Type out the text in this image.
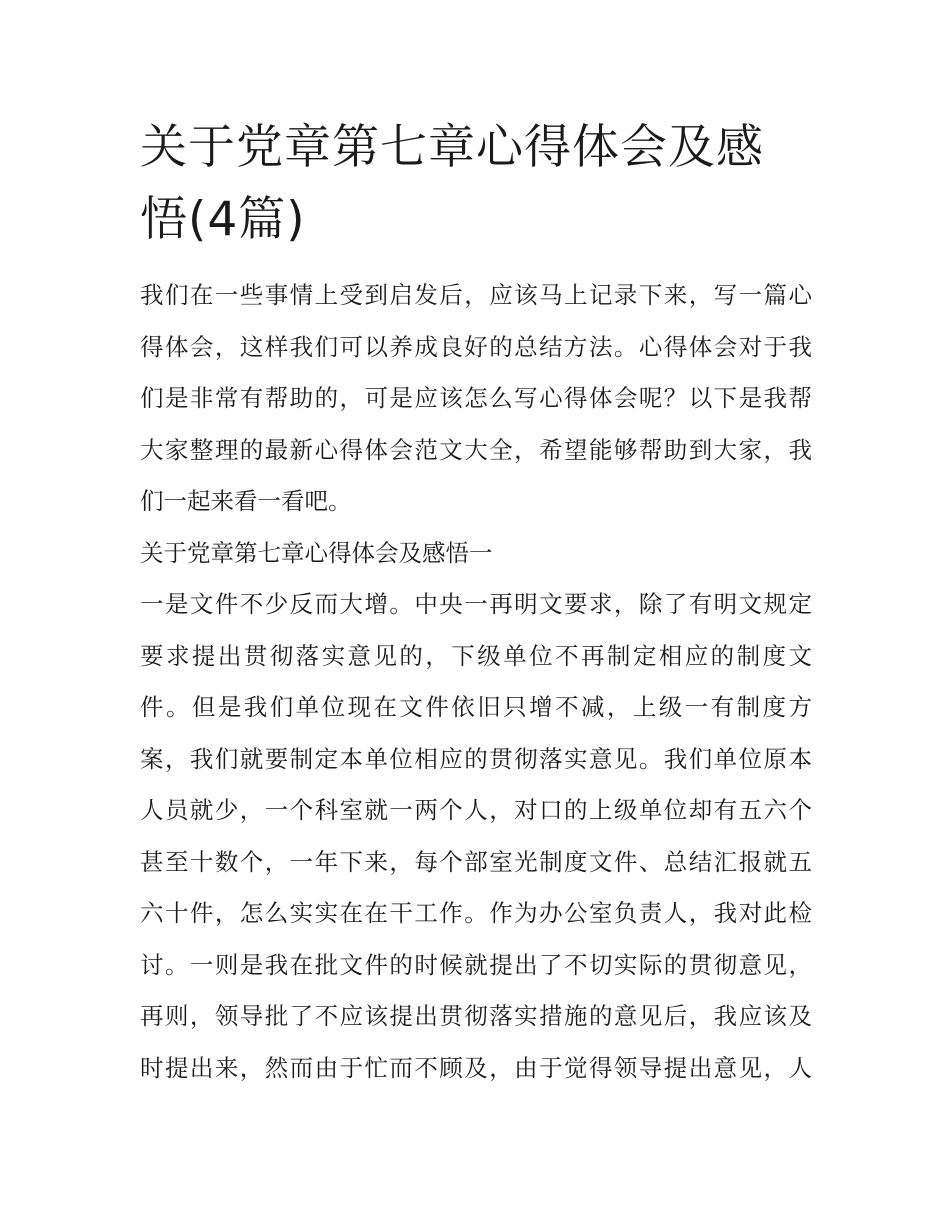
关于党章第七章心得体会及感
悟(4篇)
我们在一些事情上受到启发后，应该马上记录下来，写一篇心
得体会，这样我们可以养成良好的总结方法。心得体会对于我
们是非常有帮助的，可是应该怎么写心得体会呢？以下是我帮
大家整理的最新心得体会范文大全，希望能够帮助到大家，我
们一起来看一看吧。
关于党章第七章心得体会及感悟一
一是文件不少反而大增。中央一再明文要求，除了有明文规定
要求提出贯彻落实意见的，下级单位不再制定相应的制度文
件。但是我们单位现在文件依旧只增不减，上级一有制度方
案，我们就要制定本单位相应的贯彻落实意见。我们单位原本
人员就少，一个科室就一两个人，对口的上级单位却有五六个
甚至十数个，一年下来，每个部室光制度文件、总结汇报就五
六十件，怎么实实在在干工作。作为办公室负责人，我对此检
讨。一则是我在批文件的时候就提出了不切实际的贯彻意见，
再则，领导批了不应该提出贯彻落实措施的意见后，我应该及
时提出来，然而由于忙而不顾及，由于觉得领导提出意见，人
